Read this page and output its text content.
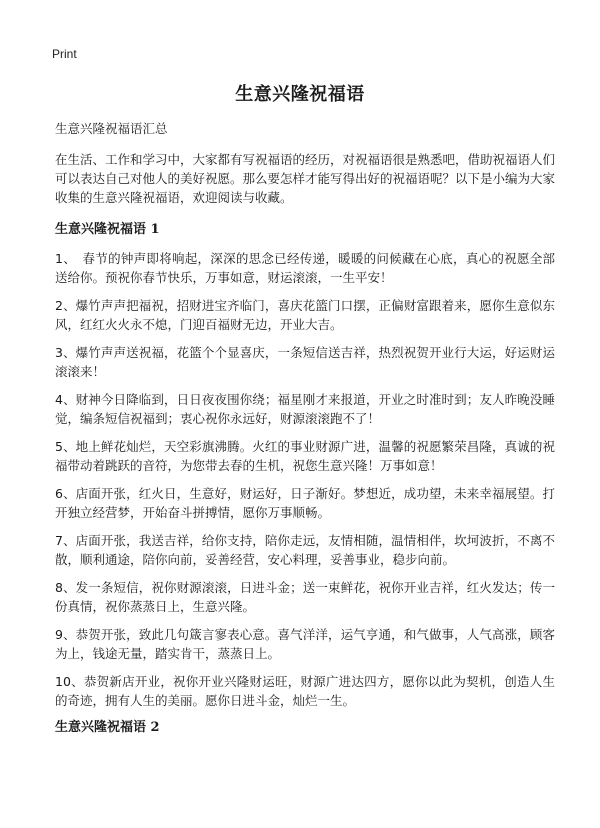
Print
生意兴隆祝福语

生意兴隆祝福语汇总

在生活、工作和学习中，大家都有写祝福语的经历，对祝福语很是熟悉吧，借助祝福语人们可以表达自己对他人的美好祝愿。那么要怎样才能写得出好的祝福语呢？以下是小编为大家收集的生意兴隆祝福语，欢迎阅读与收藏。

生意兴隆祝福语 1
1、　春节的钟声即将响起，深深的思念已经传递，暖暖的问候藏在心底，真心的祝愿全部送给你。预祝你春节快乐，万事如意，财运滚滚，一生平安！
2、爆竹声声把福祝，招财进宝齐临门，喜庆花篮门口摆，正偏财富跟着来，愿你生意似东风，红红火火永不熄，门迎百福财无边，开业大吉。
3、爆竹声声送祝福，花篮个个显喜庆，一条短信送吉祥，热烈祝贺开业行大运，好运财运滚滚来！
4、财神今日降临到，日日夜夜围你绕；福星刚才来报道，开业之时准时到；友人昨晚没睡觉，编条短信祝福到；衷心祝你永远好，财源滚滚跑不了！
5、地上鲜花灿烂，天空彩旗沸腾。火红的事业财源广进，温馨的祝愿繁荣昌隆，真诚的祝福带动着跳跃的音符，为您带去春的生机，祝您生意兴隆！万事如意！
6、店面开张，红火日，生意好，财运好，日子渐好。梦想近，成功望，未来幸福展望。打开独立经营梦，开始奋斗拼搏情，愿你万事顺畅。
7、店面开张，我送吉祥，给你支持，陪你走远，友情相随，温情相伴，坎坷波折，不离不散，顺利通途，陪你向前，妥善经营，安心料理，妥善事业，稳步向前。
8、发一条短信，祝你财源滚滚，日进斗金；送一束鲜花，祝你开业吉祥，红火发达；传一份真情，祝你蒸蒸日上，生意兴隆。
9、恭贺开张，致此几句箴言寥表心意。喜气洋洋，运气亨通，和气做事，人气高涨，顾客为上，钱途无量，踏实肯干，蒸蒸日上。
10、恭贺新店开业，祝你开业兴隆财运旺，财源广进达四方，愿你以此为契机，创造人生的奇迹，拥有人生的美丽。愿你日进斗金，灿烂一生。
生意兴隆祝福语 2
